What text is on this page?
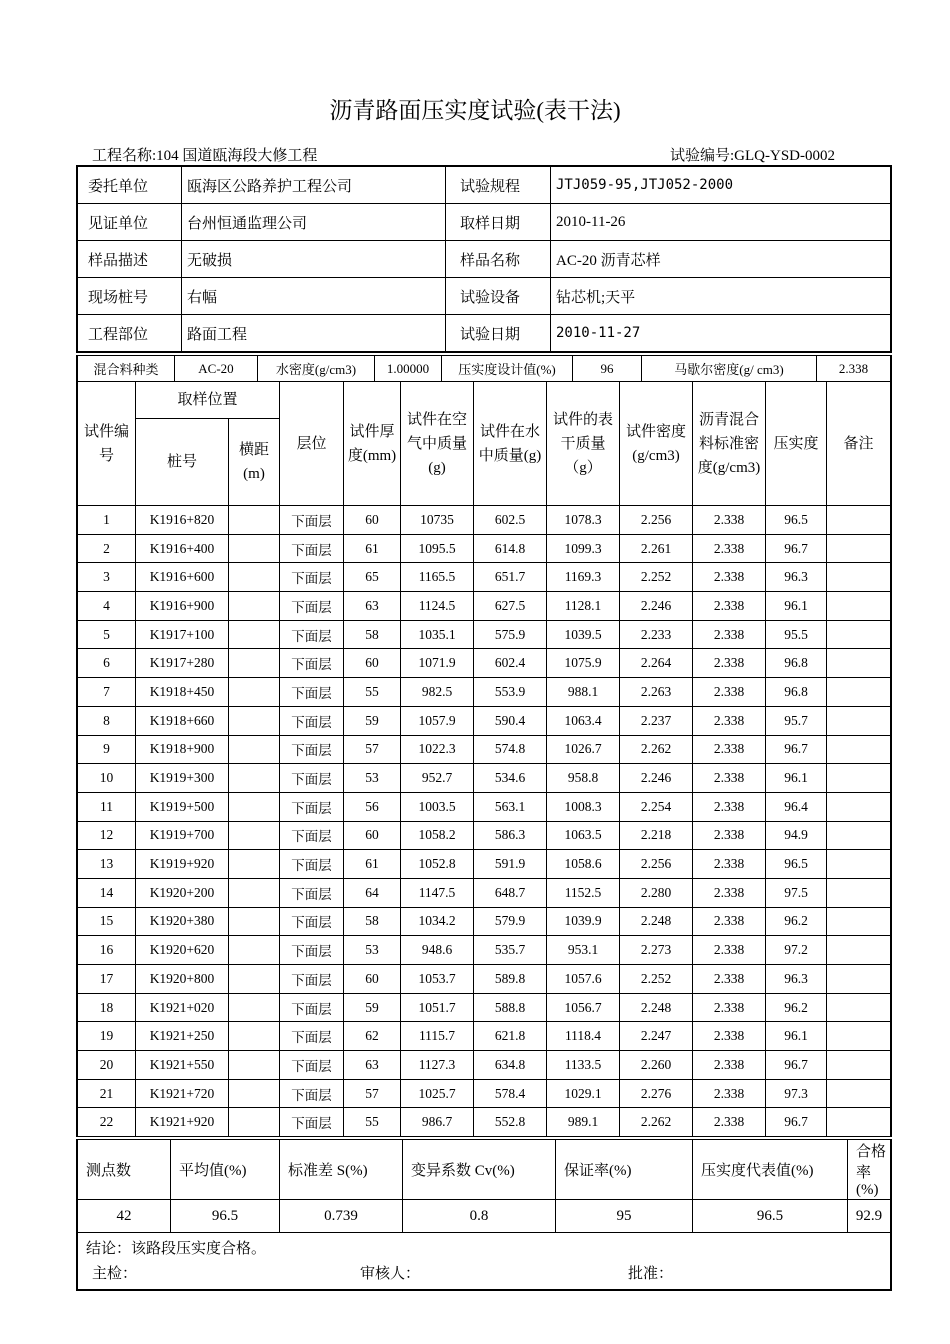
沥青路面压实度试验(表干法)
工程名称:104 国道瓯海段大修工程	试验编号:GLQ-YSD-0002
委托单位	瓯海区公路养护工程公司	试验规程	JTJ059-95,JTJ052-2000
见证单位	台州恒通监理公司	取样日期	2010-11-26
样品描述	无破损	样品名称	AC-20 沥青芯样
现场桩号	右幅	试验设备	钻芯机;天平
工程部位	路面工程	试验日期	2010-11-27
混合料种类	AC-20	水密度(g/cm3)	1.00000	压实度设计值(%)	96	马歇尔密度(g/ cm3)	2.338
试件编号	取样位置		层位	试件厚度(mm)	试件在空气中质量(g)	试件在水中质量(g)	试件的表干质量（g）	试件密度(g/cm3)	沥青混合料标准密度(g/cm3)	压实度	备注
	桩号	横距(m)									
1	K1916+820		下面层	60	10735	602.5	1078.3	2.256	2.338	96.5	
2	K1916+400		下面层	61	1095.5	614.8	1099.3	2.261	2.338	96.7	
3	K1916+600		下面层	65	1165.5	651.7	1169.3	2.252	2.338	96.3	
4	K1916+900		下面层	63	1124.5	627.5	1128.1	2.246	2.338	96.1	
5	K1917+100		下面层	58	1035.1	575.9	1039.5	2.233	2.338	95.5	
6	K1917+280		下面层	60	1071.9	602.4	1075.9	2.264	2.338	96.8	
7	K1918+450		下面层	55	982.5	553.9	988.1	2.263	2.338	96.8	
8	K1918+660		下面层	59	1057.9	590.4	1063.4	2.237	2.338	95.7	
9	K1918+900		下面层	57	1022.3	574.8	1026.7	2.262	2.338	96.7	
10	K1919+300		下面层	53	952.7	534.6	958.8	2.246	2.338	96.1	
11	K1919+500		下面层	56	1003.5	563.1	1008.3	2.254	2.338	96.4	
12	K1919+700		下面层	60	1058.2	586.3	1063.5	2.218	2.338	94.9	
13	K1919+920		下面层	61	1052.8	591.9	1058.6	2.256	2.338	96.5	
14	K1920+200		下面层	64	1147.5	648.7	1152.5	2.280	2.338	97.5	
15	K1920+380		下面层	58	1034.2	579.9	1039.9	2.248	2.338	96.2	
16	K1920+620		下面层	53	948.6	535.7	953.1	2.273	2.338	97.2	
17	K1920+800		下面层	60	1053.7	589.8	1057.6	2.252	2.338	96.3	
18	K1921+020		下面层	59	1051.7	588.8	1056.7	2.248	2.338	96.2	
19	K1921+250		下面层	62	1115.7	621.8	1118.4	2.247	2.338	96.1	
20	K1921+550		下面层	63	1127.3	634.8	1133.5	2.260	2.338	96.7	
21	K1921+720		下面层	57	1025.7	578.4	1029.1	2.276	2.338	97.3	
22	K1921+920		下面层	55	986.7	552.8	989.1	2.262	2.338	96.7	
测点数	平均值(%)	标准差 S(%)	变异系数 Cv(%)	保证率(%)	压实度代表值(%)	合格率(%)
42	96.5	0.739	0.8	95	96.5	92.9
结论：该路段压实度合格。						
主检：	审核人：	批准：
